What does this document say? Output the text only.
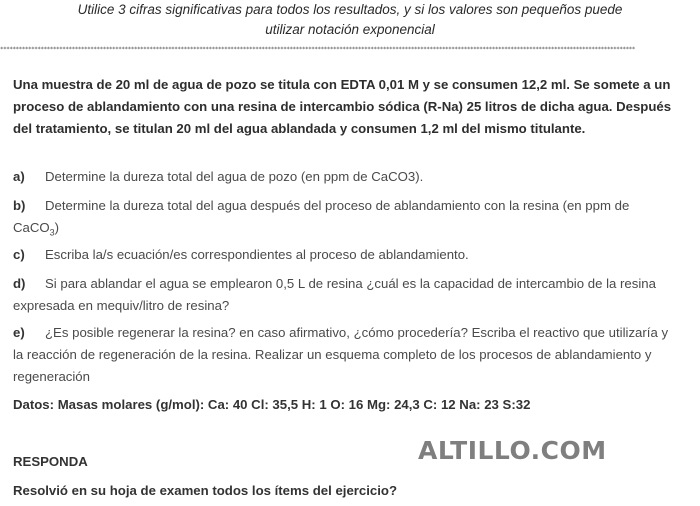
Utilice 3 cifras significativas para todos los resultados, y si los valores son pequeños puede
utilizar notación exponencial
************************************************************************************************************************************************************************************************************
Una muestra de 20 ml de agua de pozo se titula con EDTA 0,01 M y se consumen 12,2 ml. Se somete a un proceso de ablandamiento con una resina de intercambio sódica (R-Na) 25 litros de dicha agua. Después del tratamiento, se titulan 20 ml del agua ablandada y consumen 1,2 ml del mismo titulante.
a) Determine la dureza total del agua de pozo (en ppm de CaCO3).
b) Determine la dureza total del agua después del proceso de ablandamiento con la resina (en ppm de CaCO$_3$)
c) Escriba la/s ecuación/es correspondientes al proceso de ablandamiento.
d) Si para ablandar el agua se emplearon 0,5 L de resina ¿cuál es la capacidad de intercambio de la resina expresada en mequiv/litro de resina?
e) ¿Es posible regenerar la resina? en caso afirmativo, ¿cómo procedería? Escriba el reactivo que utilizaría y la reacción de regeneración de la resina. Realizar un esquema completo de los procesos de ablandamiento y regeneración
Datos: Masas molares (g/mol): Ca: 40 Cl: 35,5 H: 1 O: 16 Mg: 24,3 C: 12 Na: 23 S:32
RESPONDA	ALTILLO.COM
Resolvió en su hoja de examen todos los ítems del ejercicio?
